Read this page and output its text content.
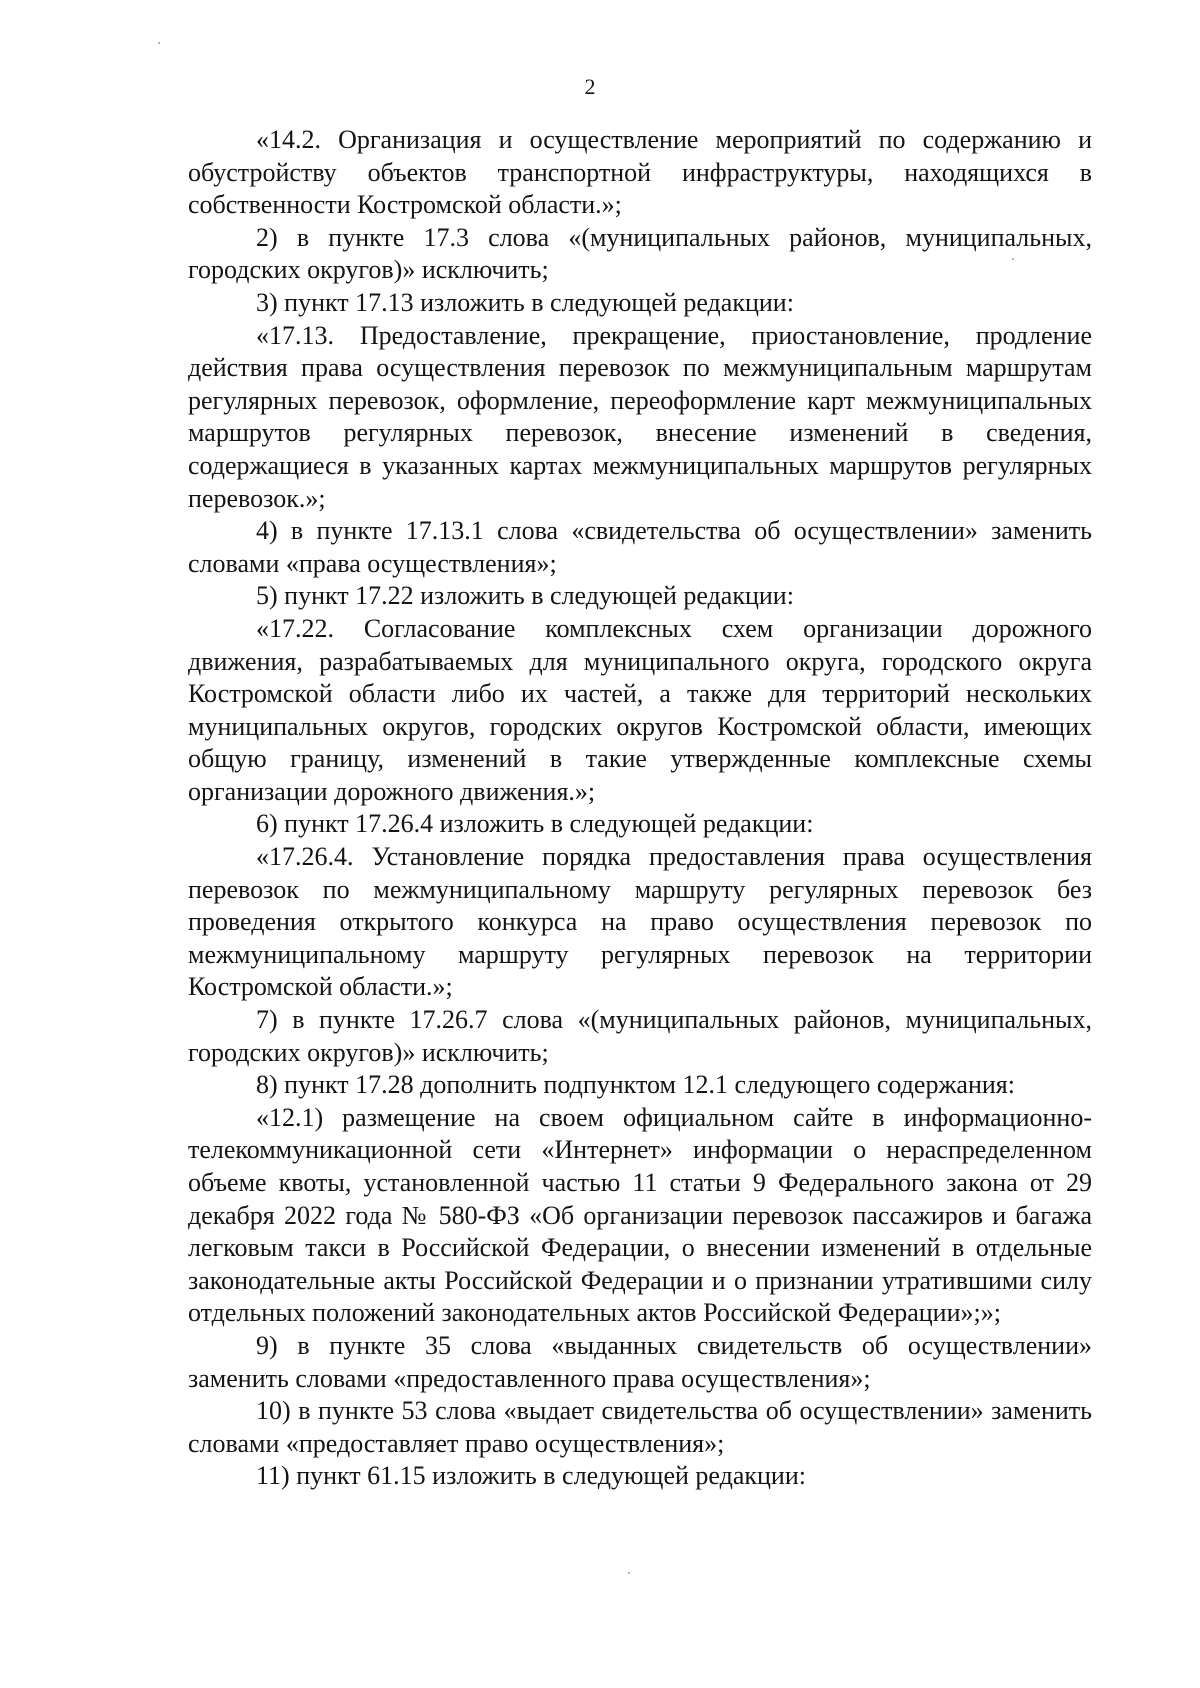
2

«14.2. Организация и осуществление мероприятий по содержанию и обустройству объектов транспортной инфраструктуры, находящихся в собственности Костромской области.»;

2) в пункте 17.3 слова «(муниципальных районов, муниципальных, городских округов)» исключить;

3) пункт 17.13 изложить в следующей редакции:

«17.13. Предоставление, прекращение, приостановление, продление действия права осуществления перевозок по межмуниципальным маршрутам регулярных перевозок, оформление, переоформление карт межмуниципальных маршрутов регулярных перевозок, внесение изменений в сведения, содержащиеся в указанных картах межмуниципальных маршрутов регулярных перевозок.»;

4) в пункте 17.13.1 слова «свидетельства об осуществлении» заменить словами «права осуществления»;

5) пункт 17.22 изложить в следующей редакции:

«17.22. Согласование комплексных схем организации дорожного движения, разрабатываемых для муниципального округа, городского округа Костромской области либо их частей, а также для территорий нескольких муниципальных округов, городских округов Костромской области, имеющих общую границу, изменений в такие утвержденные комплексные схемы организации дорожного движения.»;

6) пункт 17.26.4 изложить в следующей редакции:

«17.26.4. Установление порядка предоставления права осуществления перевозок по межмуниципальному маршруту регулярных перевозок без проведения открытого конкурса на право осуществления перевозок по межмуниципальному маршруту регулярных перевозок на территории Костромской области.»;

7) в пункте 17.26.7 слова «(муниципальных районов, муниципальных, городских округов)» исключить;

8) пункт 17.28 дополнить подпунктом 12.1 следующего содержания:

«12.1) размещение на своем официальном сайте в информационно-телекоммуникационной сети «Интернет» информации о нераспределенном объеме квоты, установленной частью 11 статьи 9 Федерального закона от 29 декабря 2022 года № 580-ФЗ «Об организации перевозок пассажиров и багажа легковым такси в Российской Федерации, о внесении изменений в отдельные законодательные акты Российской Федерации и о признании утратившими силу отдельных положений законодательных актов Российской Федерации»;»;

9) в пункте 35 слова «выданных свидетельств об осуществлении» заменить словами «предоставленного права осуществления»;

10) в пункте 53 слова «выдает свидетельства об осуществлении» заменить словами «предоставляет право осуществления»;

11) пункт 61.15 изложить в следующей редакции:
